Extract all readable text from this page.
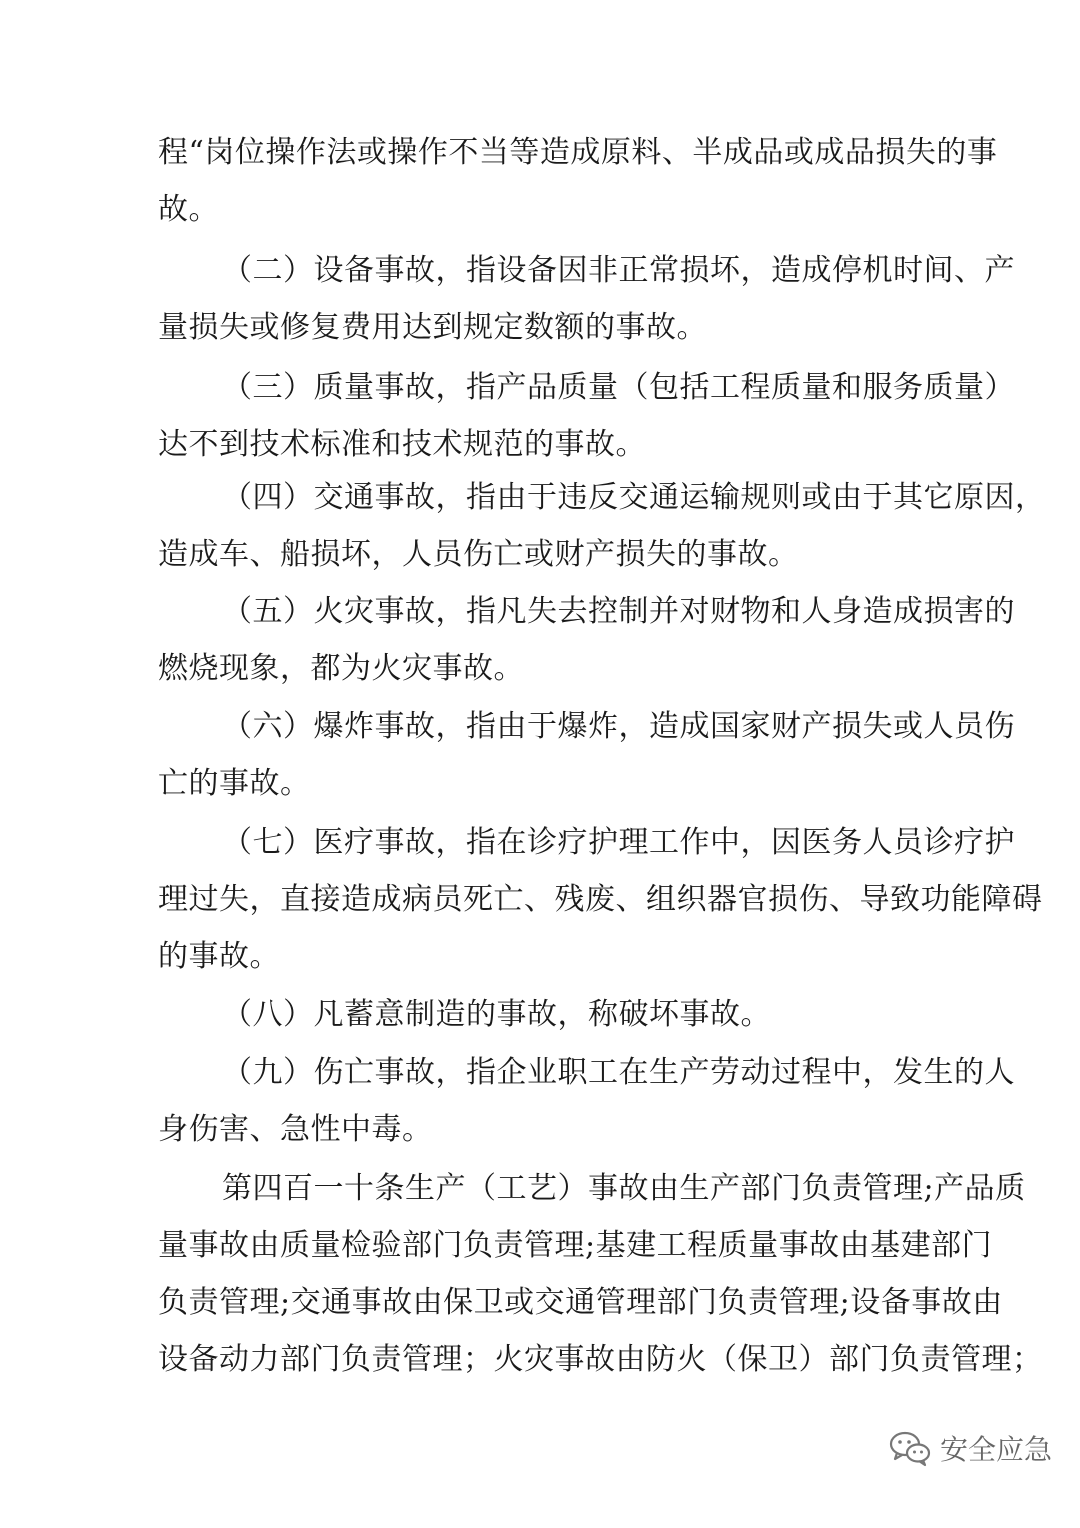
程“岗位操作法或操作不当等造成原料、半成品或成品损失的事
故。
（二）设备事故，指设备因非正常损坏，造成停机时间、产
量损失或修复费用达到规定数额的事故。
（三）质量事故，指产品质量（包括工程质量和服务质量）
达不到技术标准和技术规范的事故。
（四）交通事故，指由于违反交通运输规则或由于其它原因，
造成车、船损坏，人员伤亡或财产损失的事故。
（五）火灾事故，指凡失去控制并对财物和人身造成损害的
燃烧现象，都为火灾事故。
（六）爆炸事故，指由于爆炸，造成国家财产损失或人员伤
亡的事故。
（七）医疗事故，指在诊疗护理工作中，因医务人员诊疗护
理过失，直接造成病员死亡、残废、组织器官损伤、导致功能障碍
的事故。
（八）凡蓄意制造的事故，称破坏事故。
（九）伤亡事故，指企业职工在生产劳动过程中，发生的人
身伤害、急性中毒。
第四百一十条生产（工艺）事故由生产部门负责管理;产品质
量事故由质量检验部门负责管理;基建工程质量事故由基建部门
负责管理;交通事故由保卫或交通管理部门负责管理;设备事故由
设备动力部门负责管理；火灾事故由防火（保卫）部门负责管理；
安全应急
